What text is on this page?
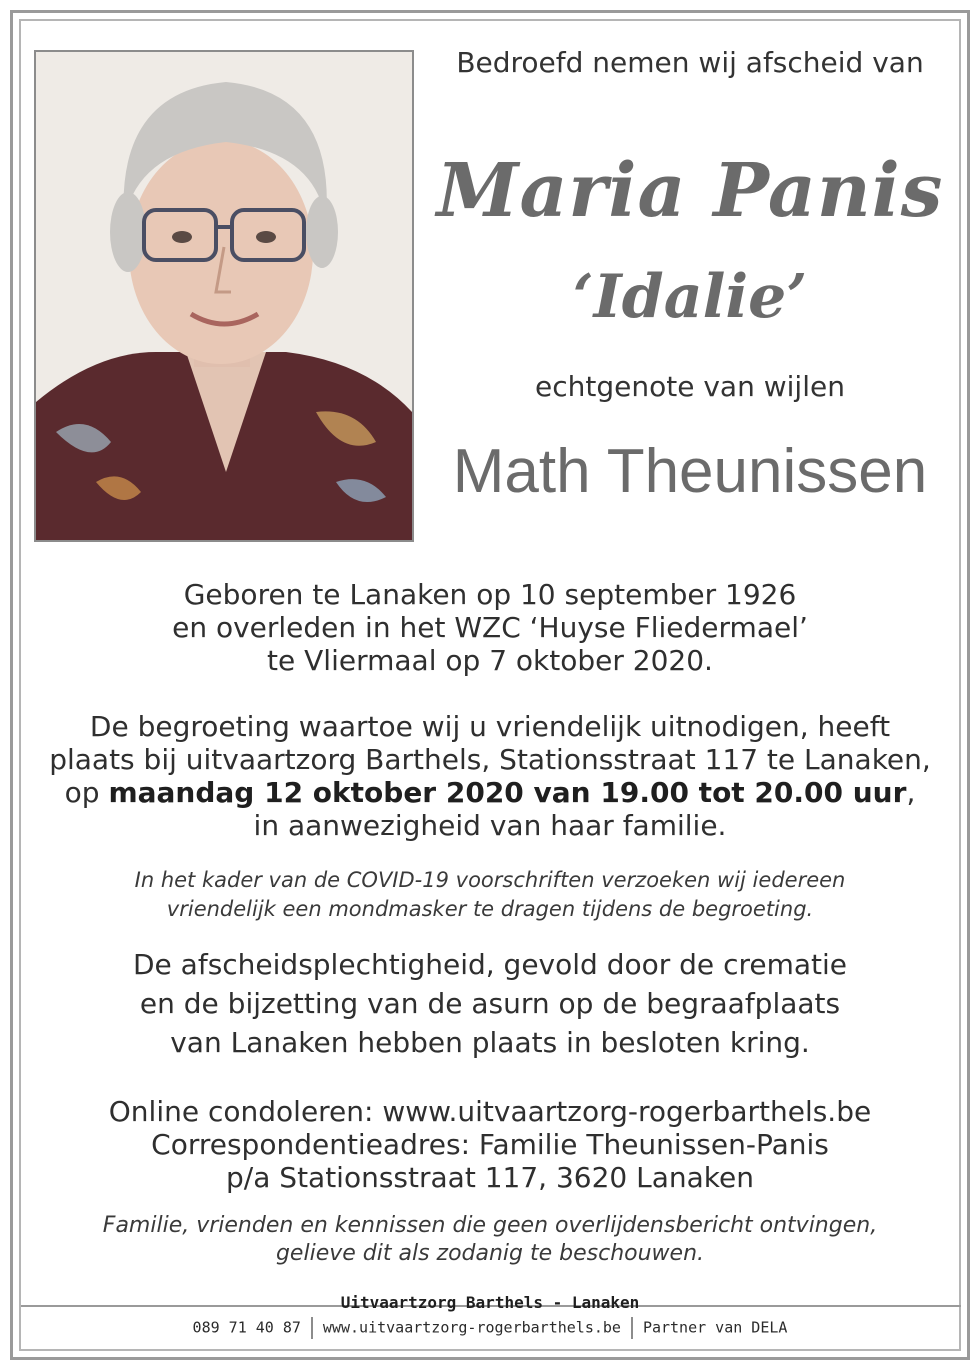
Bedroefd nemen wij afscheid van
Maria Panis
‘Idalie’
echtgenote van wijlen
Math Theunissen
Geboren te Lanaken op 10 september 1926
en overleden in het WZC ‘Huyse Fliedermael’
te Vliermaal op 7 oktober 2020.
De begroeting waartoe wij u vriendelijk uitnodigen, heeft
plaats bij uitvaartzorg Barthels, Stationsstraat 117 te Lanaken,
op maandag 12 oktober 2020 van 19.00 tot 20.00 uur,
in aanwezigheid van haar familie.
In het kader van de COVID-19 voorschriften verzoeken wij iedereen
vriendelijk een mondmasker te dragen tijdens de begroeting.
De afscheidsplechtigheid, gevold door de crematie
en de bijzetting van de asurn op de begraafplaats
van Lanaken hebben plaats in besloten kring.
Online condoleren: www.uitvaartzorg-rogerbarthels.be
Correspondentieadres: Familie Theunissen-Panis
p/a Stationsstraat 117, 3620 Lanaken
Familie, vrienden en kennissen die geen overlijdensbericht ontvingen,
gelieve dit als zodanig te beschouwen.
Uitvaartzorg Barthels - Lanaken
089 71 40 87 www.uitvaartzorg-rogerbarthels.be Partner van DELA
